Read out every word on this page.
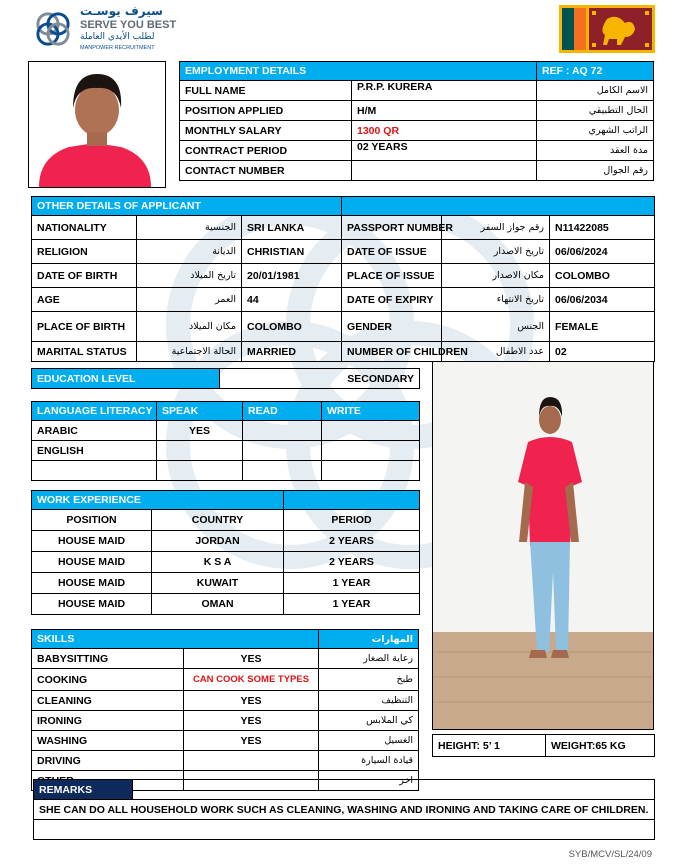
سيرف يوسـت
SERVE YOU BEST
لطلب الأيدي العاملة
MANPOWER RECRUITMENT
EMPLOYMENT DETAILS		REF : AQ 72
FULL NAME	P.R.P. KURERA	الاسم الكامل
POSITION APPLIED	H/M	الحال التطبيقي
MONTHLY SALARY	1300 QR	الراتب الشهري
CONTRACT PERIOD	02 YEARS	مدة العقد
CONTACT NUMBER		رقم الجوال
OTHER DETAILS OF APPLICANT					
NATIONALITY	الجنسية	SRI LANKA	PASSPORT NUMBER	رقم جواز السفر	N11422085
RELIGION	الديانة	CHRISTIAN	DATE OF ISSUE	تاريخ الاصدار	06/06/2024
DATE OF BIRTH	تاريخ الميلاد	20/01/1981	PLACE OF ISSUE	مكان الاصدار	COLOMBO
AGE	العمر	44	DATE OF EXPIRY	تاريخ الانتهاء	06/06/2034
PLACE OF BIRTH	مكان الميلاد	COLOMBO	GENDER	الجنس	FEMALE
MARITAL STATUS	الحالة الاجتماعية	MARRIED	NUMBER OF CHILDREN	عدد الاطفال	02
EDUCATION LEVEL	SECONDARY
LANGUAGE LITERACY	SPEAK	READ	WRITE
ARABIC	YES		
ENGLISH			

WORK EXPERIENCE		
POSITION	COUNTRY	PERIOD
HOUSE MAID	JORDAN	2 YEARS
HOUSE MAID	K S A	2 YEARS
HOUSE MAID	KUWAIT	1 YEAR
HOUSE MAID	OMAN	1 YEAR
SKILLS		المهارات
BABYSITTING	YES	رعاية الصغار
COOKING	CAN COOK SOME TYPES	طبخ
CLEANING	YES	التنظيف
IRONING	YES	كي الملابس
WASHING	YES	الغسيل
DRIVING		قيادة السيارة
		اخر
HEIGHT: 5’ 1	WEIGHT:65 KG
REMARKS	
SHE CAN DO ALL HOUSEHOLD WORK SUCH AS CLEANING, WASHING AND IRONING AND TAKING CARE OF CHILDREN.

SYB/MCV/SL/24/09
